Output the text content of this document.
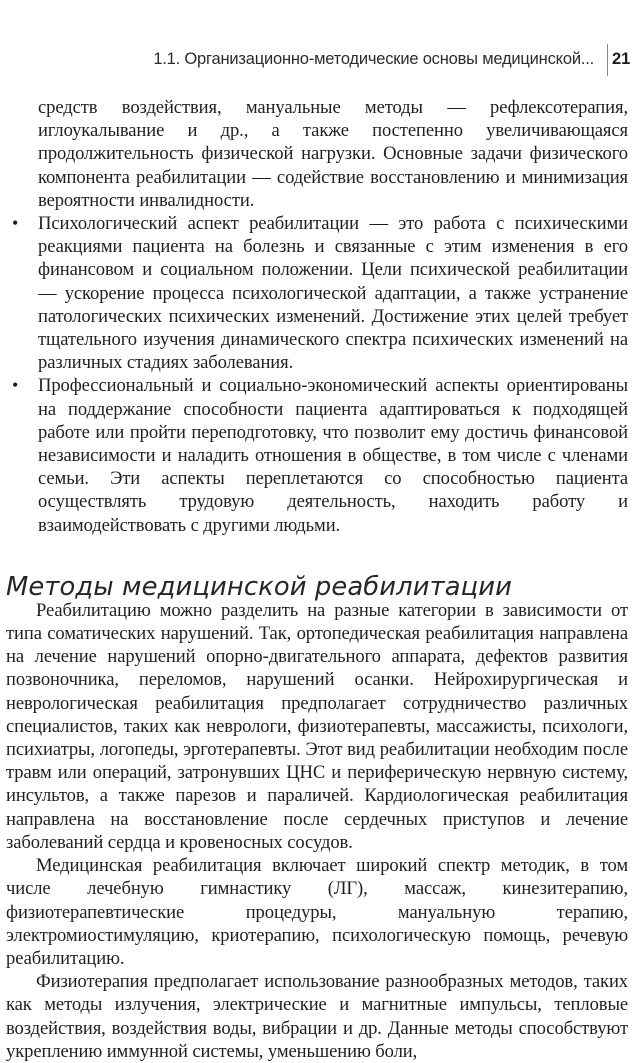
1.1. Организационно-методические основы медицинской... 21

средств воздействия, мануальные методы — рефлексотерапия, иглоукалывание и др., а также постепенно увеличивающаяся продолжительность физической нагрузки. Основные задачи физического компонента реабилитации — содействие восстановлению и минимизация вероятности инвалидности.

• Психологический аспект реабилитации — это работа с психическими реакциями пациента на болезнь и связанные с этим изменения в его финансовом и социальном положении. Цели психической реабилитации — ускорение процесса психологической адаптации, а также устранение патологических психических изменений. Достижение этих целей требует тщательного изучения динамического спектра психических изменений на различных стадиях заболевания.
• Профессиональный и социально-экономический аспекты ориентированы на поддержание способности пациента адаптироваться к подходящей работе или пройти переподготовку, что позволит ему достичь финансовой независимости и наладить отношения в обществе, в том числе с членами семьи. Эти аспекты переплетаются со способностью пациента осуществлять трудовую деятельность, находить работу и взаимодействовать с другими людьми.
Методы медицинской реабилитации

Реабилитацию можно разделить на разные категории в зависимости от типа соматических нарушений. Так, ортопедическая реабилитация направлена на лечение нарушений опорно-двигательного аппарата, дефектов развития позвоночника, переломов, нарушений осанки. Нейрохирургическая и неврологическая реабилитация предполагает сотрудничество различных специалистов, таких как неврологи, физиотерапевты, массажисты, психологи, психиатры, логопеды, эрготерапевты. Этот вид реабилитации необходим после травм или операций, затронувших ЦНС и периферическую нервную систему, инсультов, а также парезов и параличей. Кардиологическая реабилитация направлена на восстановление после сердечных приступов и лечение заболеваний сердца и кровеносных сосудов.

Медицинская реабилитация включает широкий спектр методик, в том числе лечебную гимнастику (ЛГ), массаж, кинезитерапию, физиотерапевтические процедуры, мануальную терапию, электромиостимуляцию, криотерапию, психологическую помощь, речевую реабилитацию.

Физиотерапия предполагает использование разнообразных методов, таких как методы излучения, электрические и магнитные импульсы, тепловые воздействия, воздействия воды, вибрации и др. Данные методы способствуют укреплению иммунной системы, уменьшению боли,
